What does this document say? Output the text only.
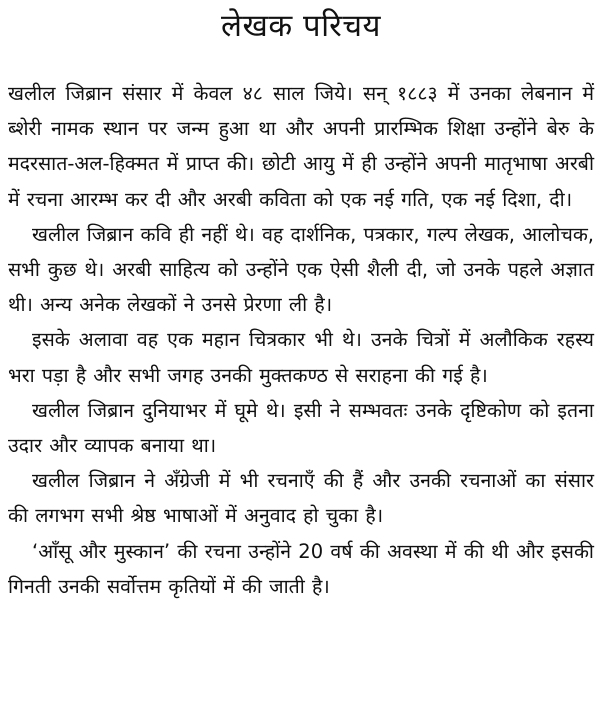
लेखक परिचय

खलील जिब्रान संसार में केवल ४८ साल जिये। सन् १८८३ में उनका लेबनान में ब्शेरी नामक स्थान पर जन्म हुआ था और अपनी प्रारम्भिक शिक्षा उन्होंने बेरु के मदरसात-अल-हिक्मत में प्राप्त की। छोटी आयु में ही उन्होंने अपनी मातृभाषा अरबी में रचना आरम्भ कर दी और अरबी कविता को एक नई गति, एक नई दिशा, दी।

खलील जिब्रान कवि ही नहीं थे। वह दार्शनिक, पत्रकार, गल्प लेखक, आलोचक, सभी कुछ थे। अरबी साहित्य को उन्होंने एक ऐसी शैली दी, जो उनके पहले अज्ञात थी। अन्य अनेक लेखकों ने उनसे प्रेरणा ली है।

इसके अलावा वह एक महान चित्रकार भी थे। उनके चित्रों में अलौकिक रहस्य भरा पड़ा है और सभी जगह उनकी मुक्तकण्ठ से सराहना की गई है।

खलील जिब्रान दुनियाभर में घूमे थे। इसी ने सम्भवतः उनके दृष्टिकोण को इतना उदार और व्यापक बनाया था।

खलील जिब्रान ने अँग्रेजी में भी रचनाएँ की हैं और उनकी रचनाओं का संसार की लगभग सभी श्रेष्ठ भाषाओं में अनुवाद हो चुका है।

‘आँसू और मुस्कान’ की रचना उन्होंने 20 वर्ष की अवस्था में की थी और इसकी गिनती उनकी सर्वोत्तम कृतियों में की जाती है।
